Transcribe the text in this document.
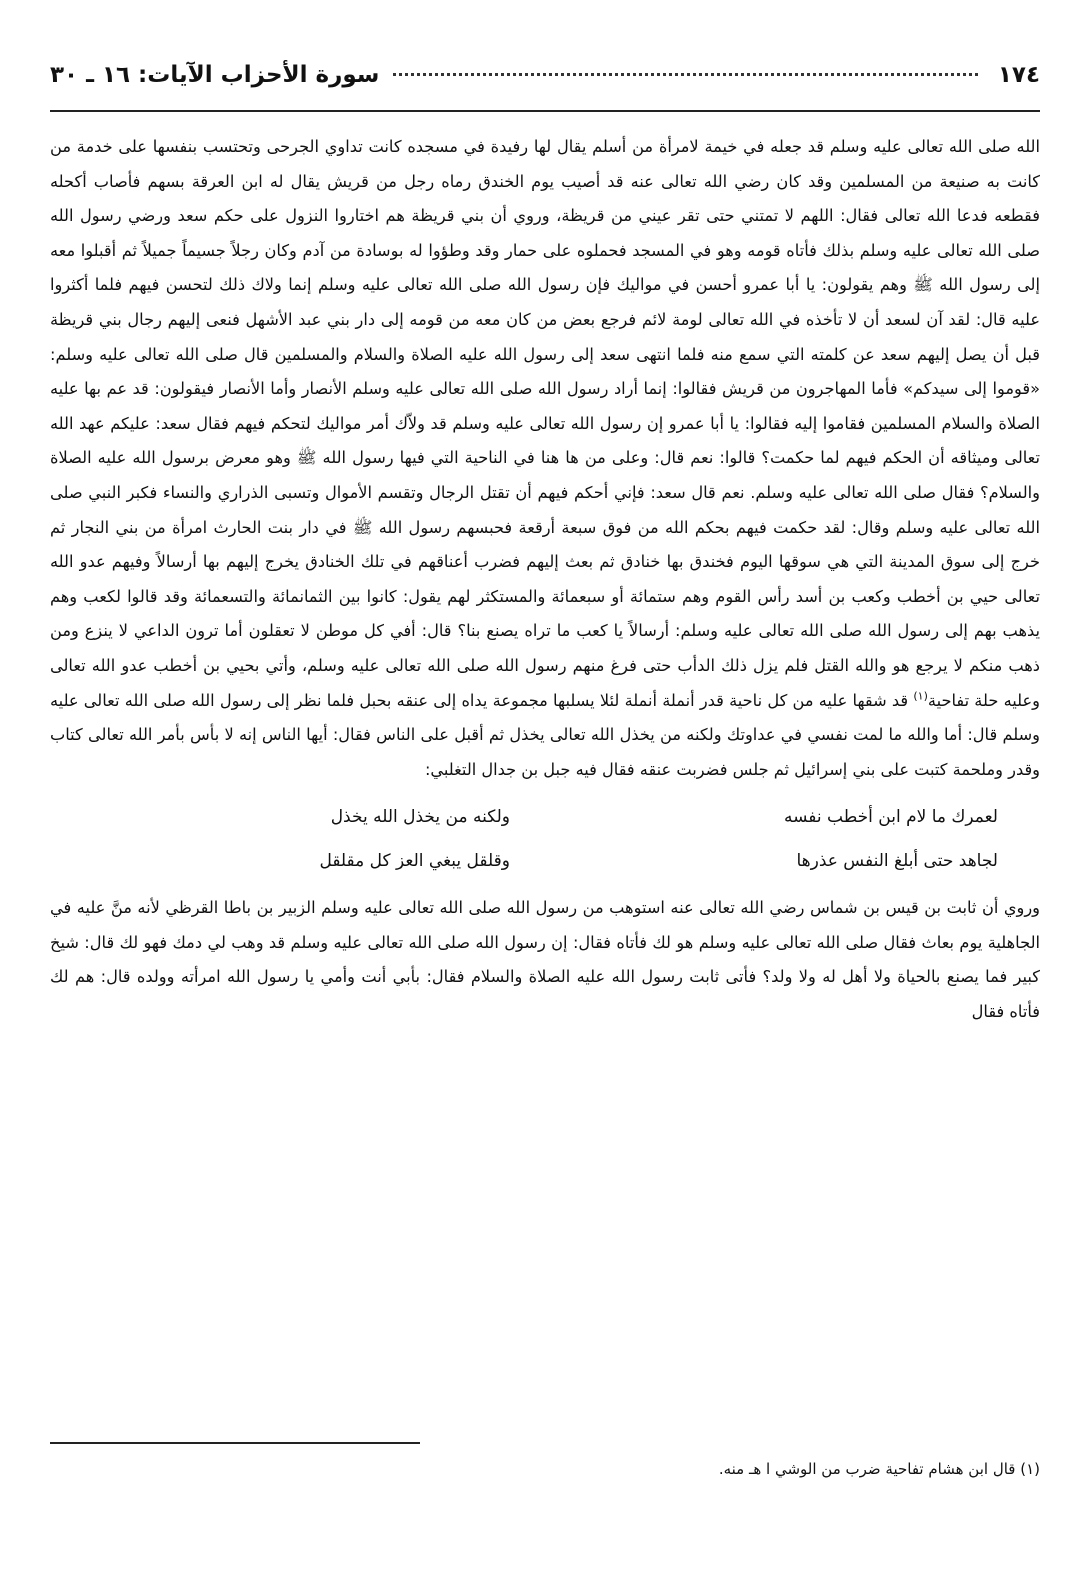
١٧٤
سورة الأحزاب الآيات: ١٦ ـ ٣٠

الله صلى الله تعالى عليه وسلم قد جعله في خيمة لامرأة من أسلم يقال لها رفيدة في مسجده كانت تداوي الجرحى وتحتسب بنفسها على خدمة من كانت به صنيعة من المسلمين وقد كان رضي الله تعالى عنه قد أصيب يوم الخندق رماه رجل من قريش يقال له ابن العرقة بسهم فأصاب أكحله فقطعه فدعا الله تعالى فقال: اللهم لا تمتني حتى تقر عيني من قريظة، وروي أن بني قريظة هم اختاروا النزول على حكم سعد ورضي رسول الله صلى الله تعالى عليه وسلم بذلك فأتاه قومه وهو في المسجد فحملوه على حمار وقد وطؤوا له بوسادة من آدم وكان رجلاً جسيماً جميلاً ثم أقبلوا معه إلى رسول الله ﷺ وهم يقولون: يا أبا عمرو أحسن في مواليك فإن رسول الله صلى الله تعالى عليه وسلم إنما ولاك ذلك لتحسن فيهم فلما أكثروا عليه قال: لقد آن لسعد أن لا تأخذه في الله تعالى لومة لائم فرجع بعض من كان معه من قومه إلى دار بني عبد الأشهل فنعى إليهم رجال بني قريظة قبل أن يصل إليهم سعد عن كلمته التي سمع منه فلما انتهى سعد إلى رسول الله عليه الصلاة والسلام والمسلمين قال صلى الله تعالى عليه وسلم: «قوموا إلى سيدكم» فأما المهاجرون من قريش فقالوا: إنما أراد رسول الله صلى الله تعالى عليه وسلم الأنصار وأما الأنصار فيقولون: قد عم بها عليه الصلاة والسلام المسلمين فقاموا إليه فقالوا: يا أبا عمرو إن رسول الله تعالى عليه وسلم قد ولاّك أمر مواليك لتحكم فيهم فقال سعد: عليكم عهد الله تعالى وميثاقه أن الحكم فيهم لما حكمت؟ قالوا: نعم قال: وعلى من ها هنا في الناحية التي فيها رسول الله ﷺ وهو معرض برسول الله عليه الصلاة والسلام؟ فقال صلى الله تعالى عليه وسلم. نعم قال سعد: فإني أحكم فيهم أن تقتل الرجال وتقسم الأموال وتسبى الذراري والنساء فكبر النبي صلى الله تعالى عليه وسلم وقال: لقد حكمت فيهم بحكم الله من فوق سبعة أرقعة فحبسهم رسول الله ﷺ في دار بنت الحارث امرأة من بني النجار ثم خرج إلى سوق المدينة التي هي سوقها اليوم فخندق بها خنادق ثم بعث إليهم فضرب أعناقهم في تلك الخنادق يخرج إليهم بها أرسالاً وفيهم عدو الله تعالى حيي بن أخطب وكعب بن أسد رأس القوم وهم ستمائة أو سبعمائة والمستكثر لهم يقول: كانوا بين الثمانمائة والتسعمائة وقد قالوا لكعب وهم يذهب بهم إلى رسول الله صلى الله تعالى عليه وسلم: أرسالاً يا كعب ما تراه يصنع بنا؟ قال: أفي كل موطن لا تعقلون أما ترون الداعي لا ينزع ومن ذهب منكم لا يرجع هو والله القتل فلم يزل ذلك الدأب حتى فرغ منهم رسول الله صلى الله تعالى عليه وسلم، وأتي بحيي بن أخطب عدو الله تعالى وعليه حلة تفاحية$^{(١)}$ قد شقها عليه من كل ناحية قدر أنملة أنملة لئلا يسلبها مجموعة يداه إلى عنقه بحبل فلما نظر إلى رسول الله صلى الله تعالى عليه وسلم قال: أما والله ما لمت نفسي في عداوتك ولكنه من يخذل الله تعالى يخذل ثم أقبل على الناس فقال: أيها الناس إنه لا بأس بأمر الله تعالى كتاب وقدر وملحمة كتبت على بني إسرائيل ثم جلس فضربت عنقه فقال فيه جبل بن جدال التغلبي:

لعمرك ما لام ابن أخطب نفسه
ولكنه من يخذل الله يخذل
لجاهد حتى أبلغ النفس عذرها
وقلقل يبغي العز كل مقلقل

وروي أن ثابت بن قيس بن شماس رضي الله تعالى عنه استوهب من رسول الله صلى الله تعالى عليه وسلم الزبير بن باطا القرظي لأنه منَّ عليه في الجاهلية يوم بعاث فقال صلى الله تعالى عليه وسلم هو لك فأتاه فقال: إن رسول الله صلى الله تعالى عليه وسلم قد وهب لي دمك فهو لك قال: شيخ كبير فما يصنع بالحياة ولا أهل له ولا ولد؟ فأتى ثابت رسول الله عليه الصلاة والسلام فقال: بأبي أنت وأمي يا رسول الله امرأته وولده قال: هم لك فأتاه فقال

(١) قال ابن هشام تفاحية ضرب من الوشي ا هـ منه.
